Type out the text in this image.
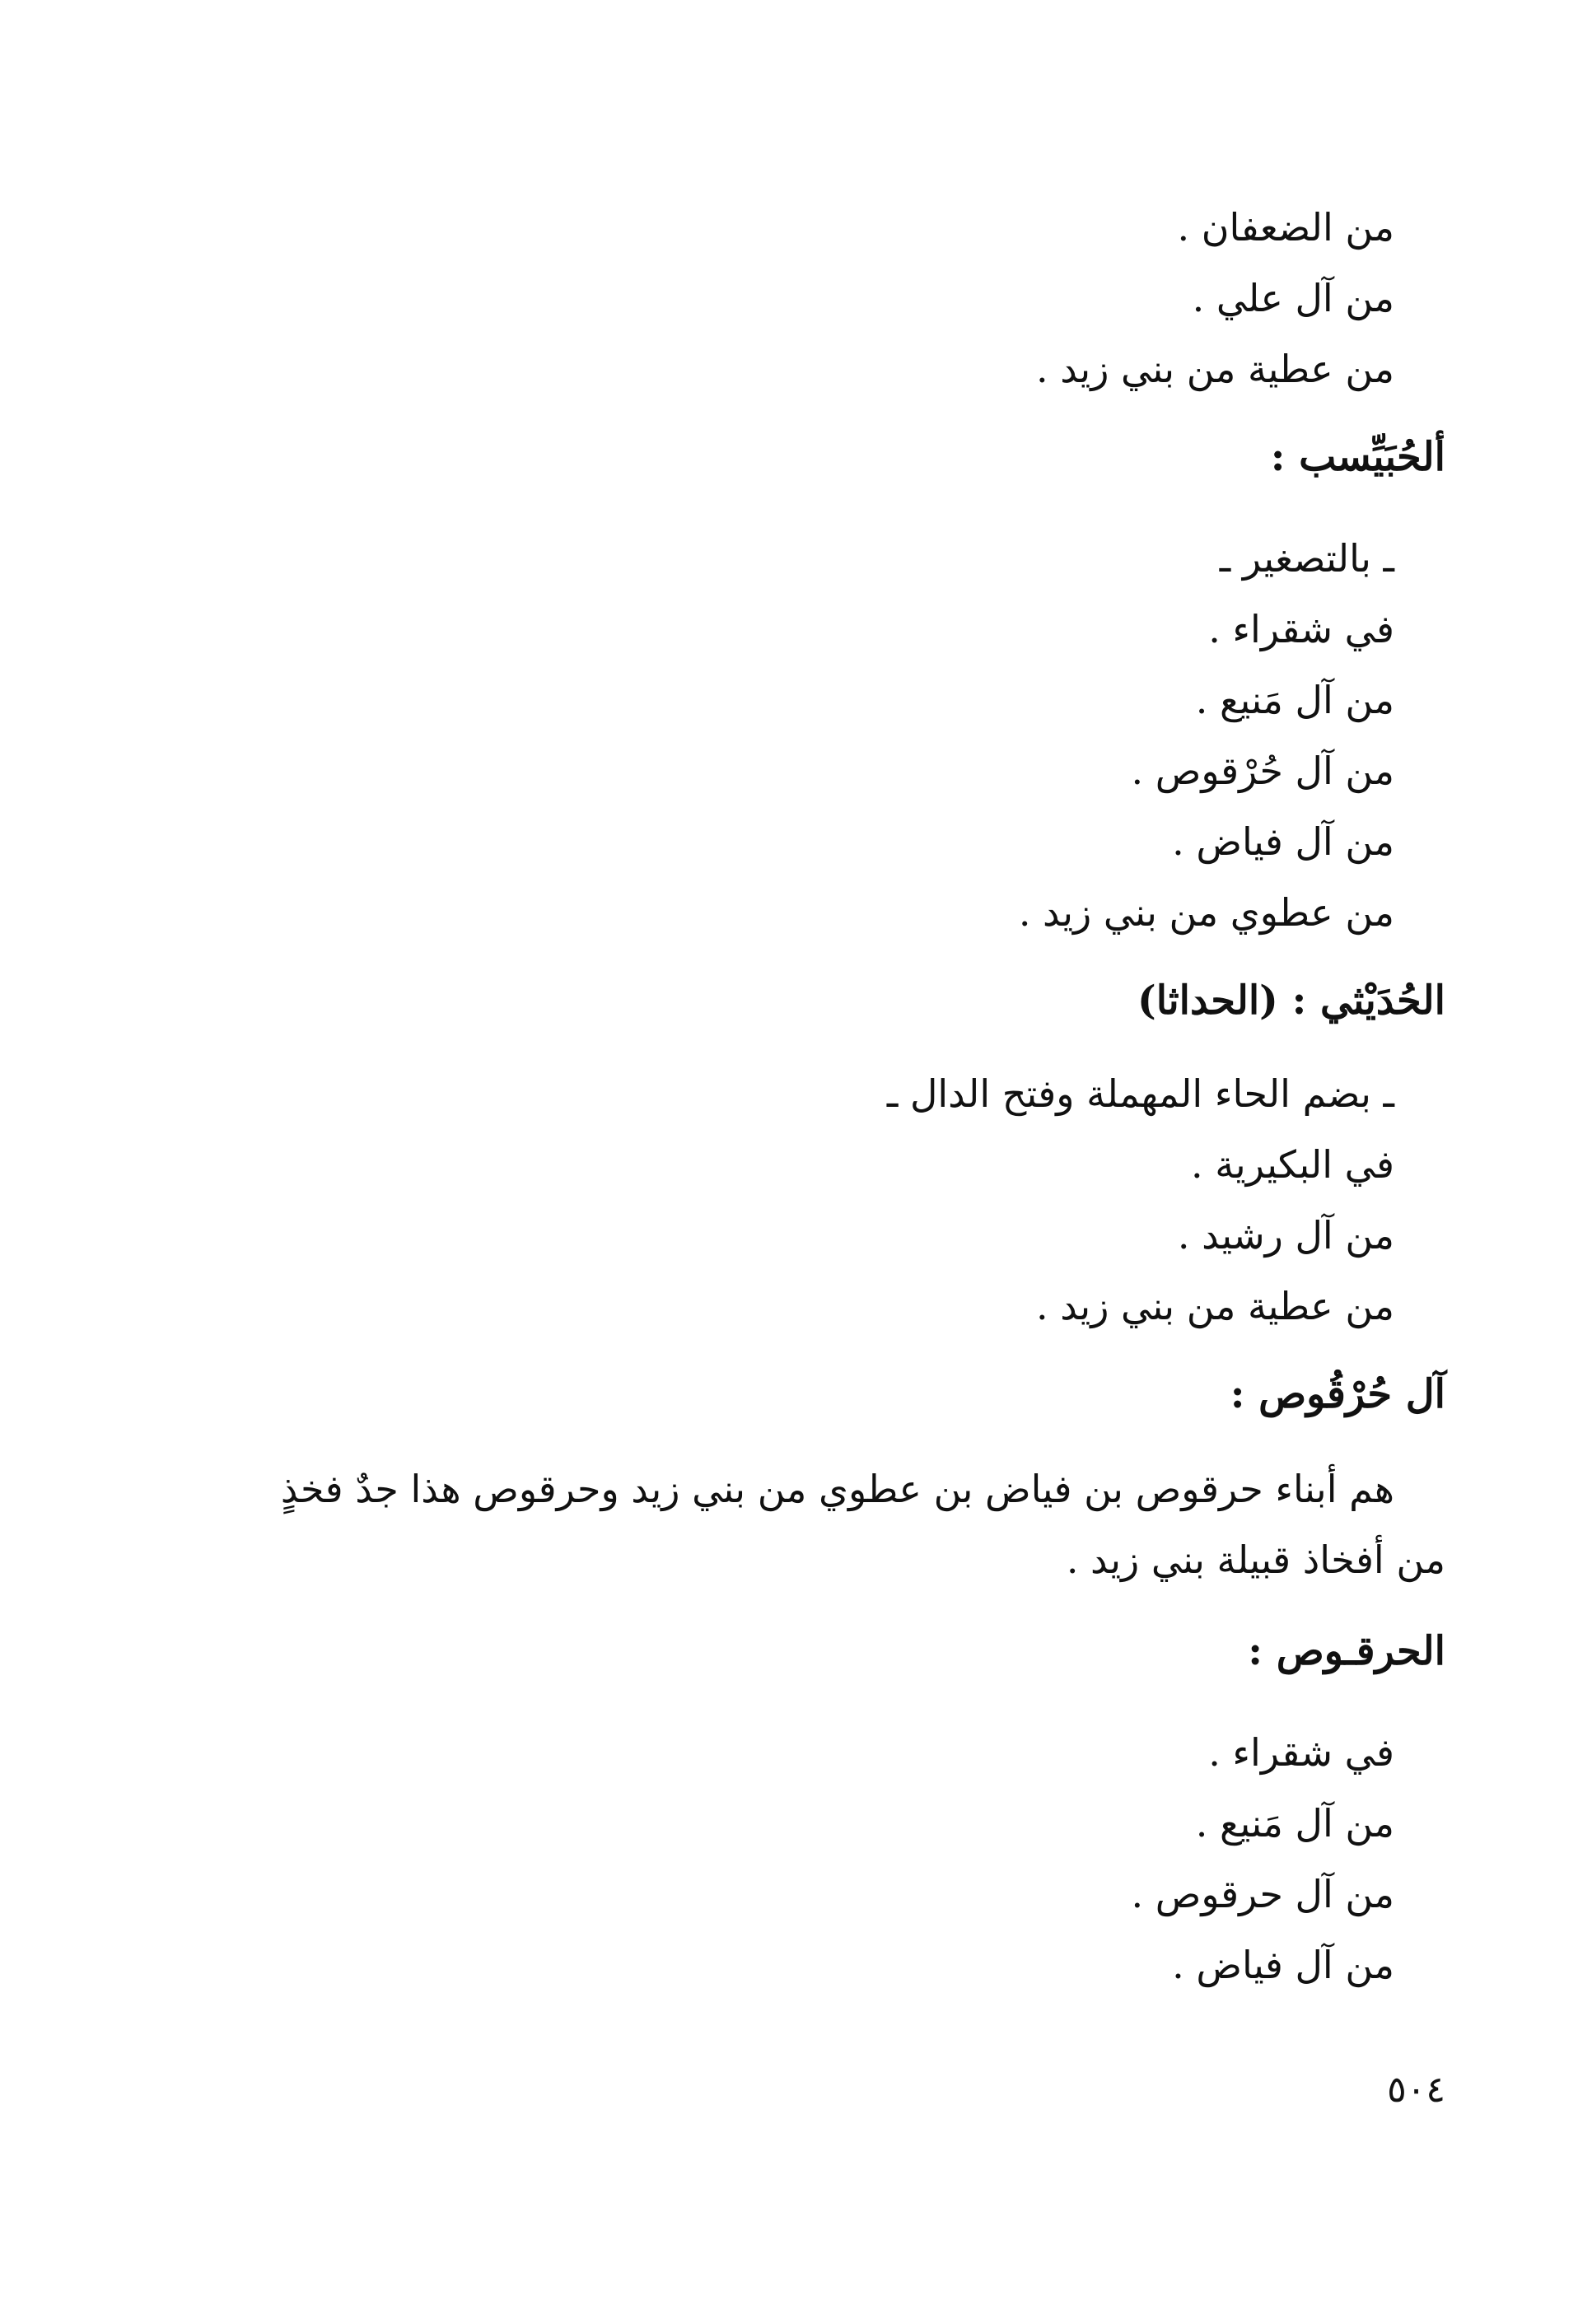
من الضعفان .
من آل علي .
من عطية من بني زيد .
ألحُبَيِّسب :
ـ بالتصغير ـ
في شقراء .
من آل مَنيع .
من آل حُرْقوص .
من آل فياض .
من عطوي من بني زيد .
الحُدَيْثي : (الحداثا)
ـ بضم الحاء المهملة وفتح الدال ـ
في البكيرية .
من آل رشيد .
من عطية من بني زيد .
آل حُرْقُوص :
هم أبناء حرقوص بن فياض بن عطوي من بني زيد وحرقوص هذا جدٌ فخذٍ
من أفخاذ قبيلة بني زيد .
الحرقـوص :
في شقراء .
من آل مَنيع .
من آل حرقوص .
من آل فياض .
٥٠٤
